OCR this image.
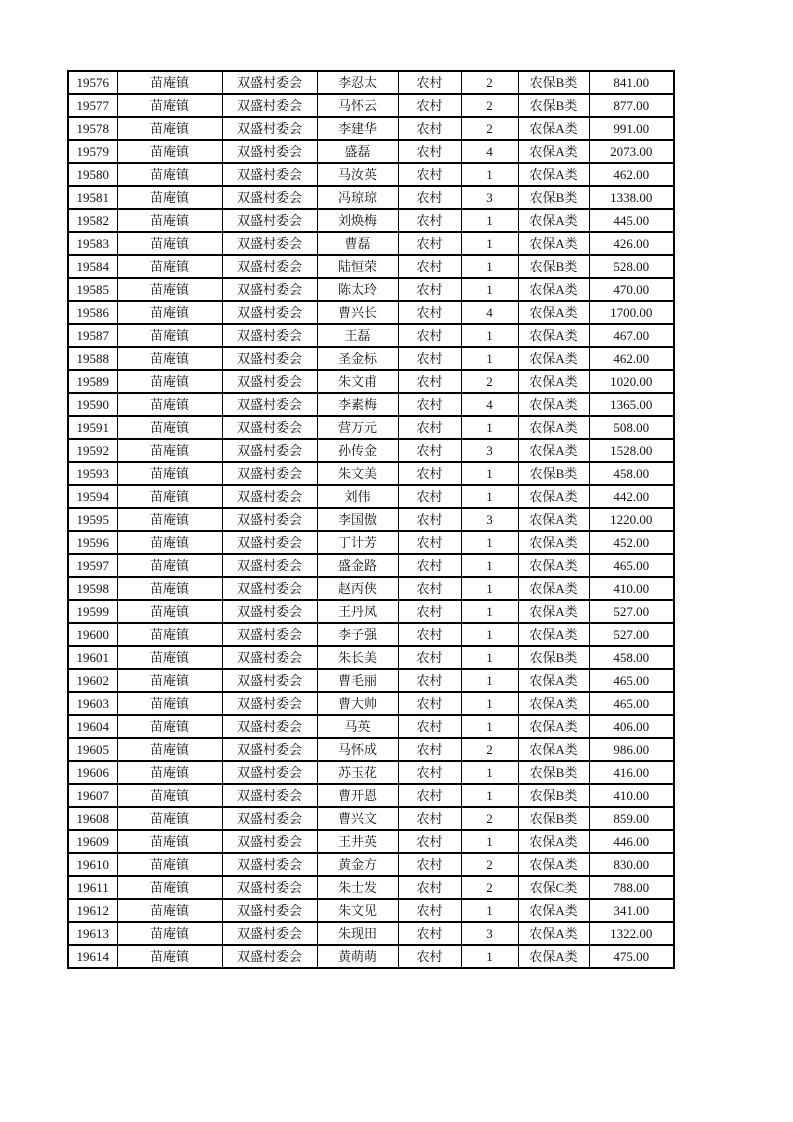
19576	苗庵镇	双盛村委会	李忍太	农村	2	农保B类	841.00
19577	苗庵镇	双盛村委会	马怀云	农村	2	农保B类	877.00
19578	苗庵镇	双盛村委会	李建华	农村	2	农保A类	991.00
19579	苗庵镇	双盛村委会	盛磊	农村	4	农保A类	2073.00
19580	苗庵镇	双盛村委会	马汝英	农村	1	农保A类	462.00
19581	苗庵镇	双盛村委会	冯琼琼	农村	3	农保B类	1338.00
19582	苗庵镇	双盛村委会	刘焕梅	农村	1	农保A类	445.00
19583	苗庵镇	双盛村委会	曹磊	农村	1	农保A类	426.00
19584	苗庵镇	双盛村委会	陆恒荣	农村	1	农保B类	528.00
19585	苗庵镇	双盛村委会	陈太玲	农村	1	农保A类	470.00
19586	苗庵镇	双盛村委会	曹兴长	农村	4	农保A类	1700.00
19587	苗庵镇	双盛村委会	王磊	农村	1	农保A类	467.00
19588	苗庵镇	双盛村委会	圣金标	农村	1	农保A类	462.00
19589	苗庵镇	双盛村委会	朱文甫	农村	2	农保A类	1020.00
19590	苗庵镇	双盛村委会	李素梅	农村	4	农保A类	1365.00
19591	苗庵镇	双盛村委会	营万元	农村	1	农保A类	508.00
19592	苗庵镇	双盛村委会	孙传金	农村	3	农保A类	1528.00
19593	苗庵镇	双盛村委会	朱文美	农村	1	农保B类	458.00
19594	苗庵镇	双盛村委会	刘伟	农村	1	农保A类	442.00
19595	苗庵镇	双盛村委会	李国傲	农村	3	农保A类	1220.00
19596	苗庵镇	双盛村委会	丁计芳	农村	1	农保A类	452.00
19597	苗庵镇	双盛村委会	盛金路	农村	1	农保A类	465.00
19598	苗庵镇	双盛村委会	赵丙侠	农村	1	农保A类	410.00
19599	苗庵镇	双盛村委会	王丹凤	农村	1	农保A类	527.00
19600	苗庵镇	双盛村委会	李子强	农村	1	农保A类	527.00
19601	苗庵镇	双盛村委会	朱长美	农村	1	农保B类	458.00
19602	苗庵镇	双盛村委会	曹毛丽	农村	1	农保A类	465.00
19603	苗庵镇	双盛村委会	曹大帅	农村	1	农保A类	465.00
19604	苗庵镇	双盛村委会	马英	农村	1	农保A类	406.00
19605	苗庵镇	双盛村委会	马怀成	农村	2	农保A类	986.00
19606	苗庵镇	双盛村委会	苏玉花	农村	1	农保B类	416.00
19607	苗庵镇	双盛村委会	曹开恩	农村	1	农保B类	410.00
19608	苗庵镇	双盛村委会	曹兴文	农村	2	农保B类	859.00
19609	苗庵镇	双盛村委会	王井英	农村	1	农保A类	446.00
19610	苗庵镇	双盛村委会	黄金方	农村	2	农保A类	830.00
19611	苗庵镇	双盛村委会	朱士发	农村	2	农保C类	788.00
19612	苗庵镇	双盛村委会	朱文见	农村	1	农保A类	341.00
19613	苗庵镇	双盛村委会	朱现田	农村	3	农保A类	1322.00
19614	苗庵镇	双盛村委会	黄萌萌	农村	1	农保A类	475.00
